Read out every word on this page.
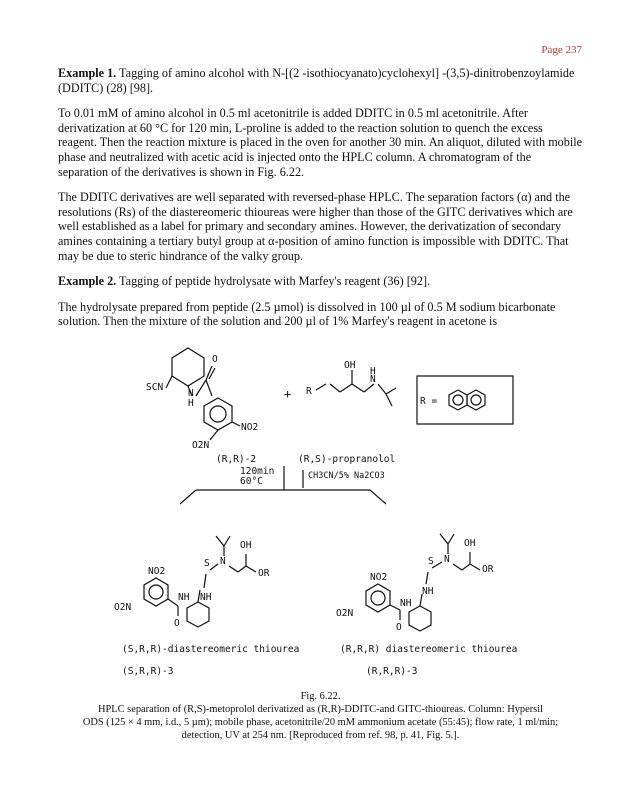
Page 237

Example 1. Tagging of amino alcohol with N-[(2 -isothiocyanato)cyclohexyl] -(3,5)-dinitrobenzoylamide (DDITC) (28) [98].

To 0.01 mM of amino alcohol in 0.5 ml acetonitrile is added DDITC in 0.5 ml acetonitrile. After derivatization at 60 °C for 120 min, L-proline is added to the reaction solution to quench the excess reagent. Then the reaction mixture is placed in the oven for another 30 min. An aliquot, diluted with mobile phase and neutralized with acetic acid is injected onto the HPLC column. A chromatogram of the separation of the derivatives is shown in Fig. 6.22.

The DDITC derivatives are well separated with reversed-phase HPLC. The separation factors (α) and the resolutions (Rs) of the diastereomeric thioureas were higher than those of the GITC derivatives which are well established as a label for primary and secondary amines. However, the derivatization of secondary amines containing a tertiary butyl group at α-position of amino function is impossible with DDITC. That may be due to steric hindrance of the valky group.

Example 2. Tagging of peptide hydrolysate with Marfey's reagent (36) [92].

The hydrolysate prepared from peptide (2.5 µmol) is dissolved in 100 µl of 0.5 M sodium bicarbonate solution. Then the mixture of the solution and 200 µl of 1% Marfey's reagent in acetone is

SCN
N
H
O
NO2
O2N
(R,R)-2
+ R
OH
N
H
(R,S)-propranolol
R =
120min
60°C	CH3CN/5% Na2CO3
OH
N
S
OR
NO2
NH
NH
O2N
O
(S,R,R)-diastereomeric thiourea
(S,R,R)-3
OH
N
S
OR
NO2
NH
NH
O2N
O
(R,R,R) diastereomeric thiourea
(R,R,R)-3
Fig. 6.22.
HPLC separation of (R,S)-metoprolol derivatized as (R,R)-DDITC-and GITC-thioureas. Column: Hypersil
ODS (125 × 4 mm, i.d., 5 µm); mobile phase, acetonitrile/20 mM ammonium acetate (55:45); flow rate, 1 ml/min;
detection, UV at 254 nm. [Reproduced from ref. 98, p. 41, Fig. 5.].
